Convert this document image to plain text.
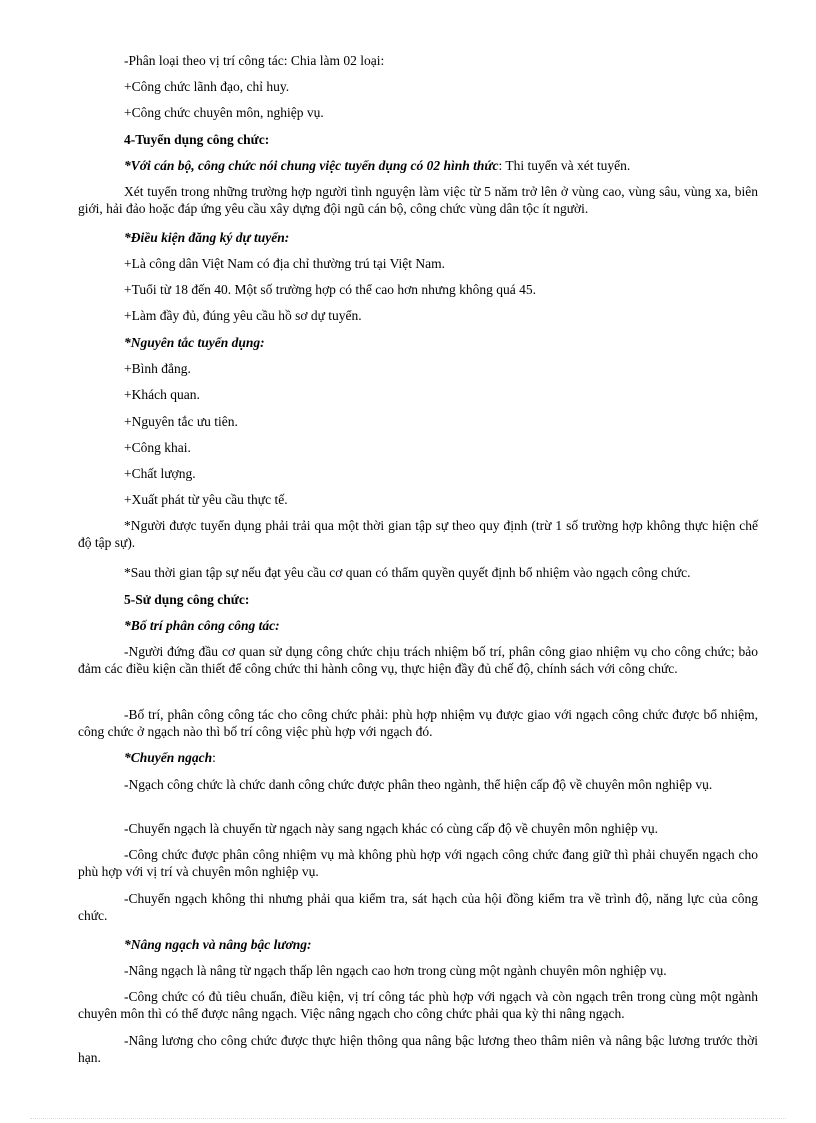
-Phân loại theo vị trí công tác: Chia làm 02 loại:
+Công chức lãnh đạo, chỉ huy.
+Công chức chuyên môn, nghiệp vụ.
4-Tuyển dụng công chức:
*Với cán bộ, công chức nói chung việc tuyển dụng có 02 hình thức: Thi tuyển và xét tuyển.
Xét tuyển trong những trường hợp người tình nguyện làm việc từ 5 năm trở lên ở vùng cao, vùng sâu, vùng xa, biên giới, hải đảo hoặc đáp ứng yêu cầu xây dựng đội ngũ cán bộ, công chức vùng dân tộc ít người.
*Điều kiện đăng ký dự tuyển:
+Là công dân Việt Nam có địa chỉ thường trú tại Việt Nam.
+Tuổi từ 18 đến 40. Một số trường hợp có thể cao hơn nhưng không quá 45.
+Làm đầy đủ, đúng yêu cầu hồ sơ dự tuyển.
*Nguyên tắc tuyển dụng:
+Bình đẳng.
+Khách quan.
+Nguyên tắc ưu tiên.
+Công khai.
+Chất lượng.
+Xuất phát từ yêu cầu thực tế.
*Người được tuyển dụng phải trải qua một thời gian tập sự theo quy định (trừ 1 số trường hợp không thực hiện chế độ tập sự).
*Sau thời gian tập sự nếu đạt yêu cầu cơ quan có thẩm quyền quyết định bổ nhiệm vào ngạch công chức.
5-Sử dụng công chức:
*Bố trí phân công công tác:
-Người đứng đầu cơ quan sử dụng công chức chịu trách nhiệm bố trí, phân công giao nhiệm vụ cho công chức; bảo đảm các điều kiện cần thiết để công chức thi hành công vụ, thực hiện đầy đủ chế độ, chính sách với công chức.
-Bố trí, phân công công tác cho công chức phải: phù hợp nhiệm vụ được giao với ngạch công chức được bổ nhiệm, công chức ở ngạch nào thì bố trí công việc phù hợp với ngạch đó.
*Chuyển ngạch:
-Ngạch công chức là chức danh công chức được phân theo ngành, thể hiện cấp độ về chuyên môn nghiệp vụ.
-Chuyển ngạch là chuyển từ ngạch này sang ngạch khác có cùng cấp độ về chuyên môn nghiệp vụ.
-Công chức được phân công nhiệm vụ mà không phù hợp với ngạch công chức đang giữ thì phải chuyển ngạch cho phù hợp với vị trí và chuyên môn nghiệp vụ.
-Chuyển ngạch không thi nhưng phải qua kiểm tra, sát hạch của hội đồng kiểm tra về trình độ, năng lực của công chức.
*Nâng ngạch và nâng bậc lương:
-Nâng ngạch là nâng từ ngạch thấp lên ngạch cao hơn trong cùng một ngành chuyên môn nghiệp vụ.
-Công chức có đủ tiêu chuẩn, điều kiện, vị trí công tác phù hợp với ngạch và còn ngạch trên trong cùng một ngành chuyên môn thì có thể được nâng ngạch. Việc nâng ngạch cho công chức phải qua kỳ thi nâng ngạch.
-Nâng lương cho công chức được thực hiện thông qua nâng bậc lương theo thâm niên và nâng bậc lương trước thời hạn.
